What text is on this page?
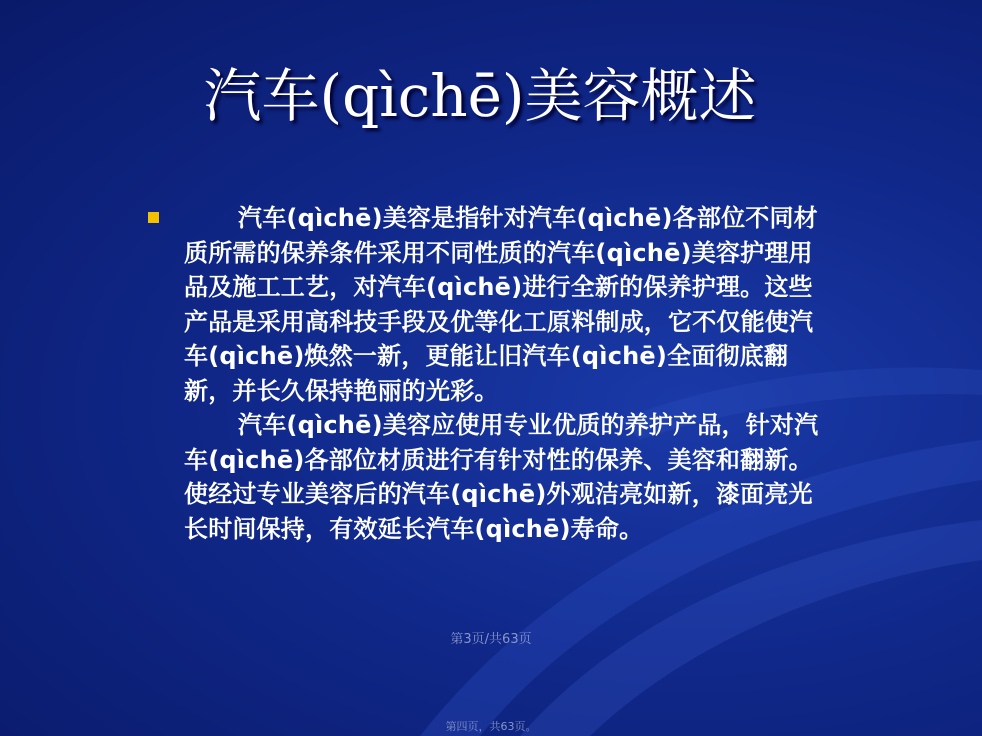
汽车(qìchē)美容概述
汽车(qìchē)美容是指针对汽车(qìchē)各部位不同材质所需的保养条件采用不同性质的汽车(qìchē)美容护理用品及施工工艺，对汽车(qìchē)进行全新的保养护理。这些产品是采用高科技手段及优等化工原料制成，它不仅能使汽车(qìchē)焕然一新，更能让旧汽车(qìchē)全面彻底翻新，并长久保持艳丽的光彩。
汽车(qìchē)美容应使用专业优质的养护产品，针对汽车(qìchē)各部位材质进行有针对性的保养、美容和翻新。使经过专业美容后的汽车(qìchē)外观洁亮如新，漆面亮光长时间保持，有效延长汽车(qìchē)寿命。
第3页/共63页
第四页，共63页。
